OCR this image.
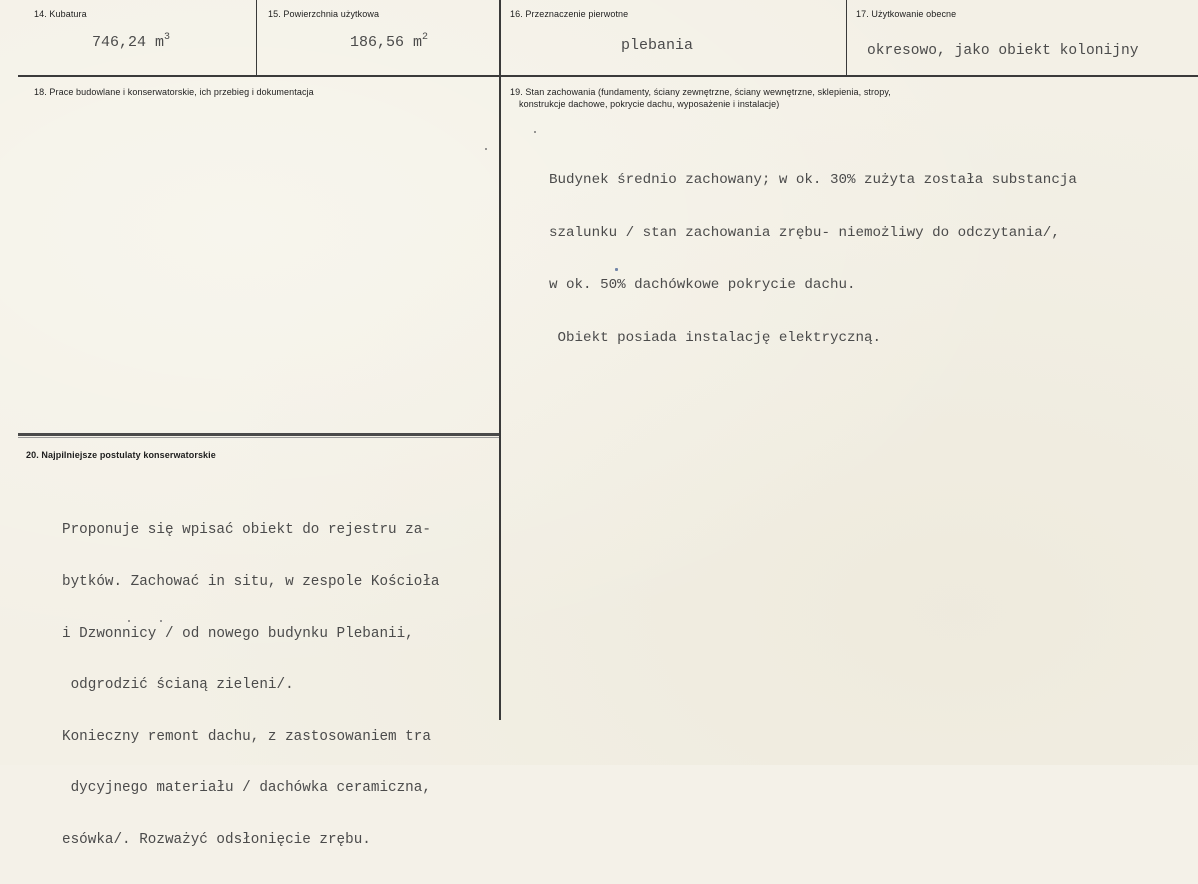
14. Kubatura
746,24 $m^3$
15. Powierzchnia użytkowa
186,56 $m^2$
16. Przeznaczenie pierwotne
plebania
17. Użytkowanie obecne
okresowo, jako obiekt kolonijny
18. Prace budowlane i konserwatorskie, ich przebieg i dokumentacja	19. Stan zachowania (fundamenty, ściany zewnętrzne, ściany wewnętrzne, sklepienia, stropy,
konstrukcje dachowe, pokrycie dachu, wyposażenie i instalacje)

Budynek średnio zachowany; w ok. 30% zużyta została substancja

szalunku / stan zachowania zrębu- niemożliwy do odczytania/,

w ok. 50% dachówkowe pokrycie dachu.

Obiekt posiada instalację elektryczną.

20. Najpilniejsze postulaty konserwatorskie

Proponuje się wpisać obiekt do rejestru za-

bytków. Zachować in situ, w zespole Kościoła

i Dzwonnicy / od nowego budynku Plebanii,

odgrodzić ścianą zieleni/.

Konieczny remont dachu, z zastosowaniem tra

dycyjnego materiału / dachówka ceramiczna,

esówka/. Rozważyć odsłonięcie zrębu.
